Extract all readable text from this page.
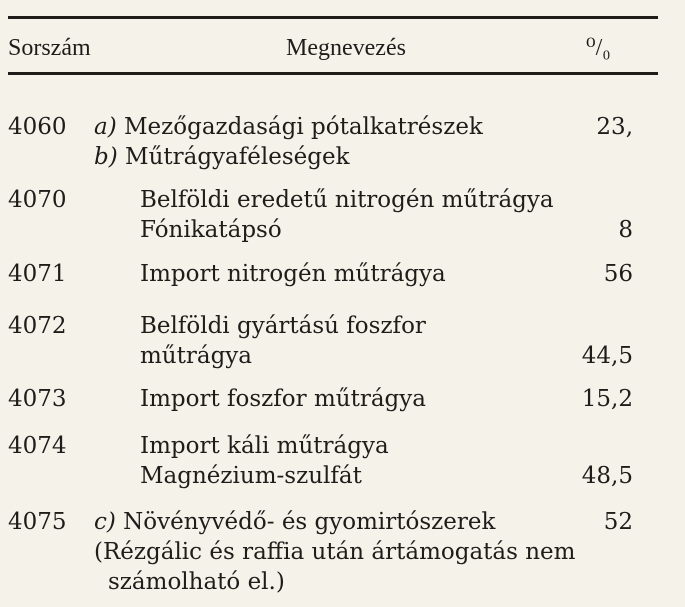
Sorszám	Megnevezés	⁰/₀
4060 a) Mezőgazdasági pótalkatrészek	23,
b) Műtrágyaféleségek
4070	Belföldi eredetű nitrogén műtrágya
Fónikatápsó	8
4071	Import nitrogén műtrágya	56
4072	Belföldi gyártású foszfor
műtrágya	44,5
4073	Import foszfor műtrágya	15,2
4074	Import káli műtrágya
Magnézium-szulfát	48,5
4075 c) Növényvédő- és gyomirtószerek	52
(Rézgálic és raffia után ártámogatás nem
számolható el.)
